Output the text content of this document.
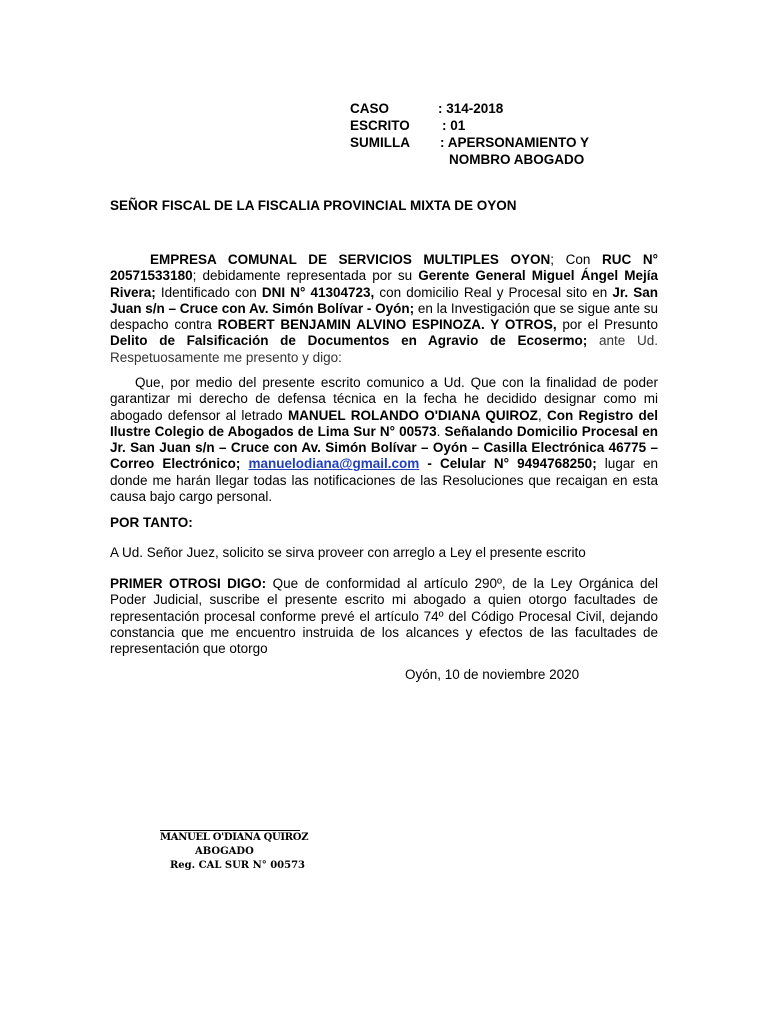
CASO	: 314-2018
ESCRITO	: 01
SUMILLA	: APERSONAMIENTO Y
NOMBRO ABOGADO
SEÑOR FISCAL DE LA FISCALIA PROVINCIAL MIXTA DE OYON
EMPRESA COMUNAL DE SERVICIOS MULTIPLES OYON; Con RUC N° 20571533180; debidamente representada por su Gerente General Miguel Ángel Mejía Rivera; Identificado con DNI N° 41304723, con domicilio Real y Procesal sito en Jr. San Juan s/n – Cruce con Av. Simón Bolívar - Oyón; en la Investigación que se sigue ante su despacho contra ROBERT BENJAMIN ALVINO ESPINOZA. Y OTROS, por el Presunto Delito de Falsificación de Documentos en Agravio de Ecosermo; ante Ud. Respetuosamente me presento y digo:
Que, por medio del presente escrito comunico a Ud. Que con la finalidad de poder garantizar mi derecho de defensa técnica en la fecha he decidido designar como mi abogado defensor al letrado MANUEL ROLANDO O'DIANA QUIROZ, Con Registro del Ilustre Colegio de Abogados de Lima Sur N° 00573. Señalando Domicilio Procesal en Jr. San Juan s/n – Cruce con Av. Simón Bolívar – Oyón – Casilla Electrónica 46775 – Correo Electrónico; manuelodiana@gmail.com - Celular N° 9494768250; lugar en donde me harán llegar todas las notificaciones de las Resoluciones que recaigan en esta causa bajo cargo personal.
POR TANTO:
A Ud. Señor Juez, solicito se sirva proveer con arreglo a Ley el presente escrito
PRIMER OTROSI DIGO: Que de conformidad al artículo 290º, de la Ley Orgánica del Poder Judicial, suscribe el presente escrito mi abogado a quien otorgo facultades de representación procesal conforme prevé el artículo 74º del Código Procesal Civil, dejando constancia que me encuentro instruida de los alcances y efectos de las facultades de representación que otorgo
Oyón, 10 de noviembre 2020
MANUEL O'DIANA QUIROZ
ABOGADO
Reg. CAL SUR N° 00573
